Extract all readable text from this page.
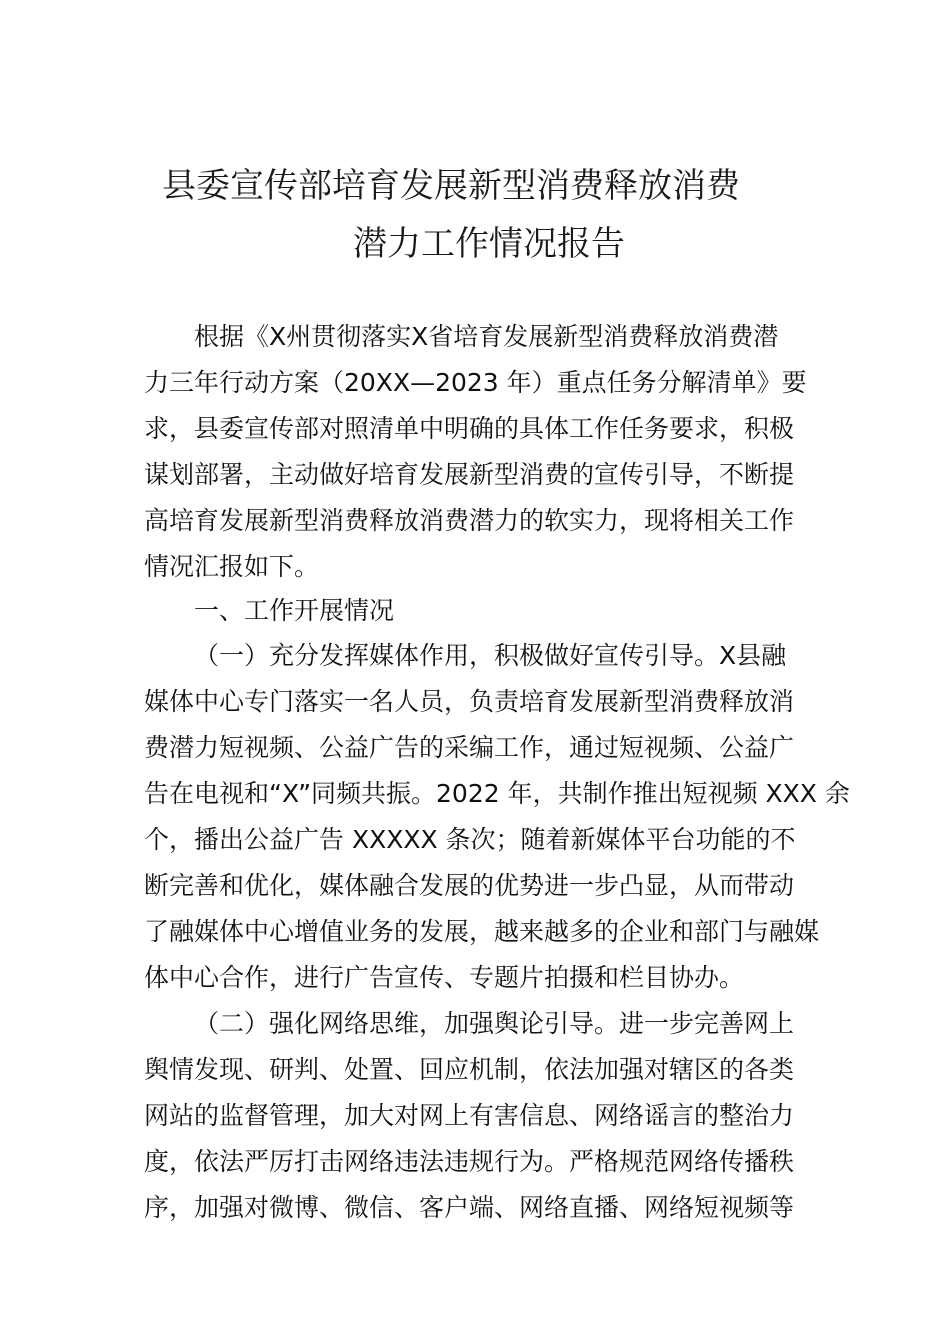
县委宣传部培育发展新型消费释放消费
潜力工作情况报告
根据《X州贯彻落实X省培育发展新型消费释放消费潜
力三年行动方案（20XX—2023 年）重点任务分解清单》要
求，县委宣传部对照清单中明确的具体工作任务要求，积极
谋划部署，主动做好培育发展新型消费的宣传引导，不断提
高培育发展新型消费释放消费潜力的软实力，现将相关工作
情况汇报如下。
一、工作开展情况
（一）充分发挥媒体作用，积极做好宣传引导。X县融
媒体中心专门落实一名人员，负责培育发展新型消费释放消
费潜力短视频、公益广告的采编工作，通过短视频、公益广
告在电视和“X”同频共振。2022 年，共制作推出短视频 XXX 余
个，播出公益广告 XXXXX 条次；随着新媒体平台功能的不
断完善和优化，媒体融合发展的优势进一步凸显，从而带动
了融媒体中心增值业务的发展，越来越多的企业和部门与融媒
体中心合作，进行广告宣传、专题片拍摄和栏目协办。
（二）强化网络思维，加强舆论引导。进一步完善网上
舆情发现、研判、处置、回应机制，依法加强对辖区的各类
网站的监督管理，加大对网上有害信息、网络谣言的整治力
度，依法严厉打击网络违法违规行为。严格规范网络传播秩
序，加强对微博、微信、客户端、网络直播、网络短视频等
